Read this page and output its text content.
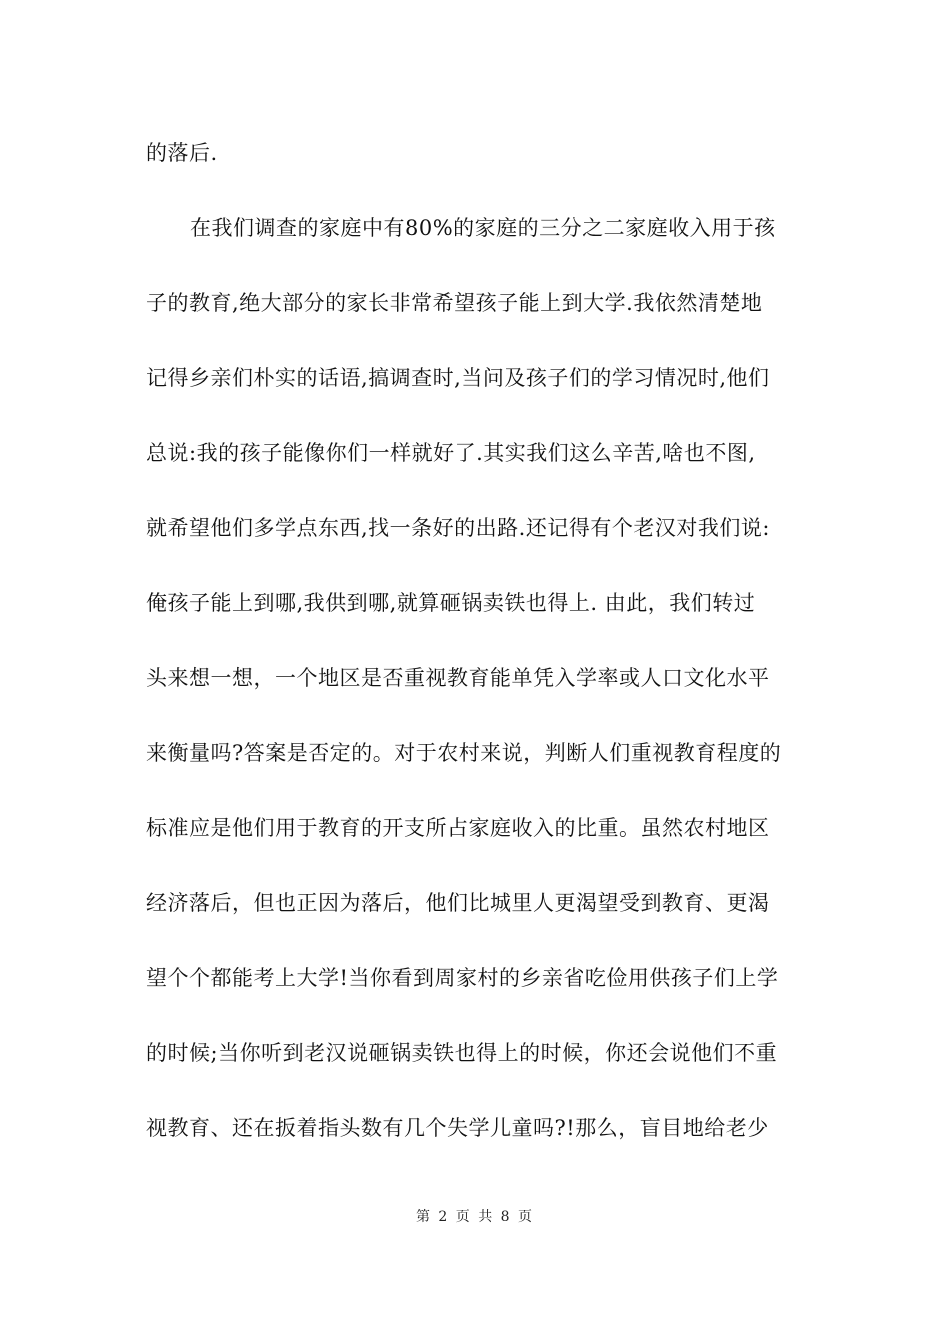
的落后.
在我们调查的家庭中有80%的家庭的三分之二家庭收入用于孩
子的教育,绝大部分的家长非常希望孩子能上到大学.我依然清楚地
记得乡亲们朴实的话语,搞调查时,当问及孩子们的学习情况时,他们
总说:我的孩子能像你们一样就好了.其实我们这么辛苦,啥也不图,
就希望他们多学点东西,找一条好的出路.还记得有个老汉对我们说:
俺孩子能上到哪,我供到哪,就算砸锅卖铁也得上. 由此，我们转过
头来想一想，一个地区是否重视教育能单凭入学率或人口文化水平
来衡量吗?答案是否定的。对于农村来说，判断人们重视教育程度的
标准应是他们用于教育的开支所占家庭收入的比重。虽然农村地区
经济落后，但也正因为落后，他们比城里人更渴望受到教育、更渴
望个个都能考上大学!当你看到周家村的乡亲省吃俭用供孩子们上学
的时候;当你听到老汉说砸锅卖铁也得上的时候，你还会说他们不重
视教育、还在扳着指头数有几个失学儿童吗?!那么，盲目地给老少
第 2 页 共 8 页
